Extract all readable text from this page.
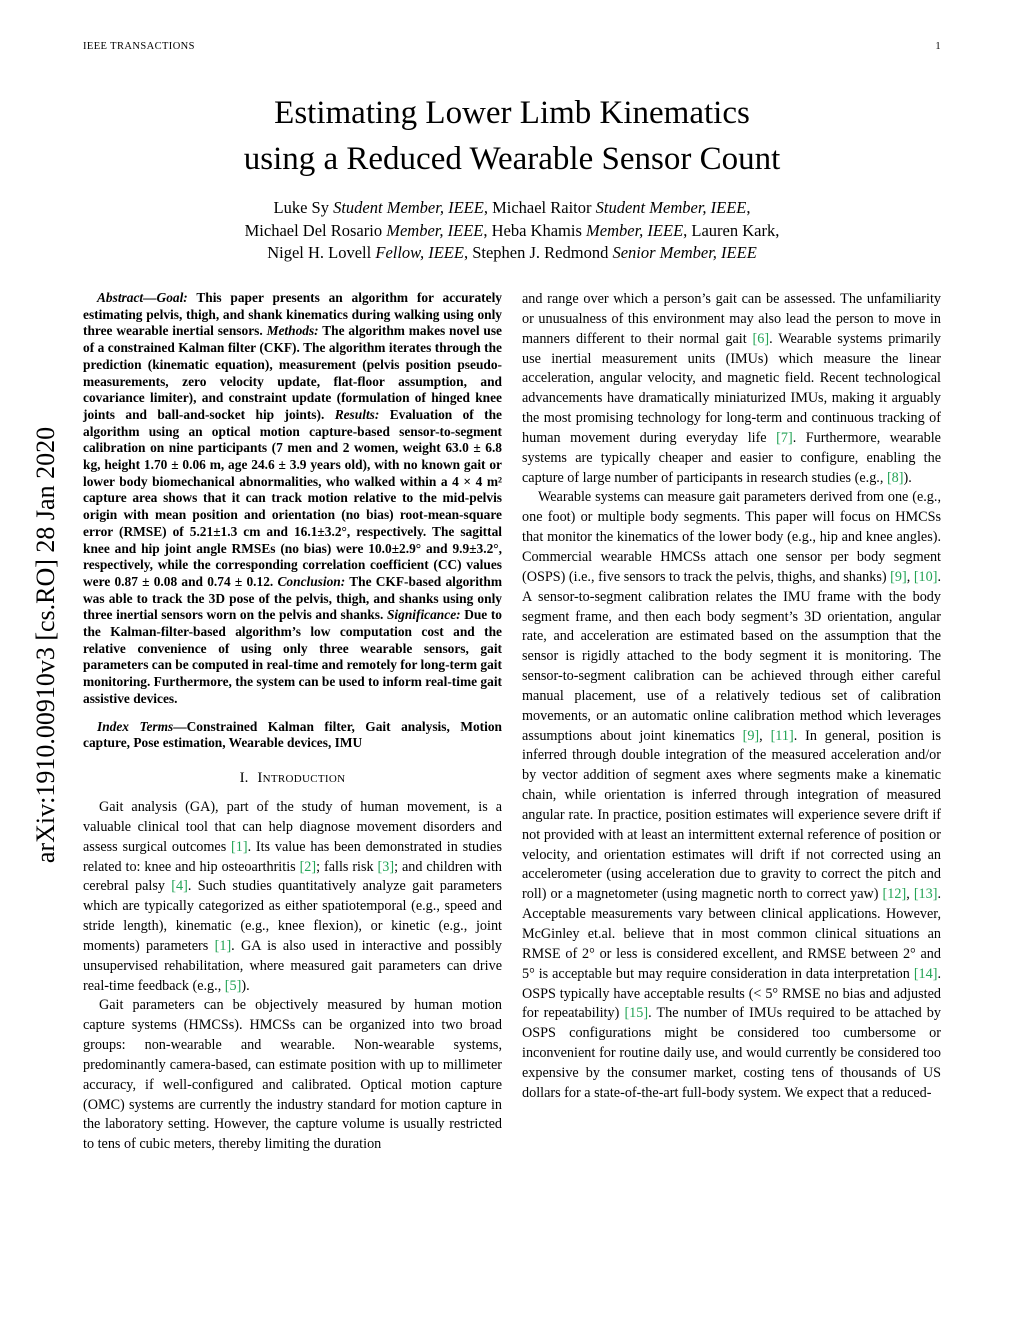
IEEE TRANSACTIONS	1
arXiv:1910.00910v3 [cs.RO] 28 Jan 2020
Estimating Lower Limb Kinematics
using a Reduced Wearable Sensor Count
Luke Sy Student Member, IEEE, Michael Raitor Student Member, IEEE,
Michael Del Rosario Member, IEEE, Heba Khamis Member, IEEE, Lauren Kark,
Nigel H. Lovell Fellow, IEEE, Stephen J. Redmond Senior Member, IEEE

Abstract—Goal: This paper presents an algorithm for accurately estimating pelvis, thigh, and shank kinematics during walking using only three wearable inertial sensors. Methods: The algorithm makes novel use of a constrained Kalman filter (CKF). The algorithm iterates through the prediction (kinematic equation), measurement (pelvis position pseudo-measurements, zero velocity update, flat-floor assumption, and covariance limiter), and constraint update (formulation of hinged knee joints and ball-and-socket hip joints). Results: Evaluation of the algorithm using an optical motion capture-based sensor-to-segment calibration on nine participants (7 men and 2 women, weight 63.0 ± 6.8 kg, height 1.70 ± 0.06 m, age 24.6 ± 3.9 years old), with no known gait or lower body biomechanical abnormalities, who walked within a 4 × 4 m² capture area shows that it can track motion relative to the mid-pelvis origin with mean position and orientation (no bias) root-mean-square error (RMSE) of 5.21±1.3 cm and 16.1±3.2°, respectively. The sagittal knee and hip joint angle RMSEs (no bias) were 10.0±2.9° and 9.9±3.2°, respectively, while the corresponding correlation coefficient (CC) values were 0.87 ± 0.08 and 0.74 ± 0.12. Conclusion: The CKF-based algorithm was able to track the 3D pose of the pelvis, thigh, and shanks using only three inertial sensors worn on the pelvis and shanks. Significance: Due to the Kalman-filter-based algorithm’s low computation cost and the relative convenience of using only three wearable sensors, gait parameters can be computed in real-time and remotely for long-term gait monitoring. Furthermore, the system can be used to inform real-time gait assistive devices.

Index Terms—Constrained Kalman filter, Gait analysis, Motion capture, Pose estimation, Wearable devices, IMU

I. Introduction

Gait analysis (GA), part of the study of human movement, is a valuable clinical tool that can help diagnose movement disorders and assess surgical outcomes [1]. Its value has been demonstrated in studies related to: knee and hip osteoarthritis [2]; falls risk [3]; and children with cerebral palsy [4]. Such studies quantitatively analyze gait parameters which are typically categorized as either spatiotemporal (e.g., speed and stride length), kinematic (e.g., knee flexion), or kinetic (e.g., joint moments) parameters [1]. GA is also used in interactive and possibly unsupervised rehabilitation, where measured gait parameters can drive real-time feedback (e.g., [5]).

Gait parameters can be objectively measured by human motion capture systems (HMCSs). HMCSs can be organized into two broad groups: non-wearable and wearable. Non-wearable systems, predominantly camera-based, can estimate position with up to millimeter accuracy, if well-configured and calibrated. Optical motion capture (OMC) systems are currently the industry standard for motion capture in the laboratory setting. However, the capture volume is usually restricted to tens of cubic meters, thereby limiting the duration

and range over which a person’s gait can be assessed. The unfamiliarity or unusualness of this environment may also lead the person to move in manners different to their normal gait [6]. Wearable systems primarily use inertial measurement units (IMUs) which measure the linear acceleration, angular velocity, and magnetic field. Recent technological advancements have dramatically miniaturized IMUs, making it arguably the most promising technology for long-term and continuous tracking of human movement during everyday life [7]. Furthermore, wearable systems are typically cheaper and easier to configure, enabling the capture of large number of participants in research studies (e.g., [8]).

Wearable systems can measure gait parameters derived from one (e.g., one foot) or multiple body segments. This paper will focus on HMCSs that monitor the kinematics of the lower body (e.g., hip and knee angles). Commercial wearable HMCSs attach one sensor per body segment (OSPS) (i.e., five sensors to track the pelvis, thighs, and shanks) [9], [10]. A sensor-to-segment calibration relates the IMU frame with the body segment frame, and then each body segment’s 3D orientation, angular rate, and acceleration are estimated based on the assumption that the sensor is rigidly attached to the body segment it is monitoring. The sensor-to-segment calibration can be achieved through either careful manual placement, use of a relatively tedious set of calibration movements, or an automatic online calibration method which leverages assumptions about joint kinematics [9], [11]. In general, position is inferred through double integration of the measured acceleration and/or by vector addition of segment axes where segments make a kinematic chain, while orientation is inferred through integration of measured angular rate. In practice, position estimates will experience severe drift if not provided with at least an intermittent external reference of position or velocity, and orientation estimates will drift if not corrected using an accelerometer (using acceleration due to gravity to correct the pitch and roll) or a magnetometer (using magnetic north to correct yaw) [12], [13]. Acceptable measurements vary between clinical applications. However, McGinley et.al. believe that in most common clinical situations an RMSE of 2° or less is considered excellent, and RMSE between 2° and 5° is acceptable but may require consideration in data interpretation [14]. OSPS typically have acceptable results (< 5° RMSE no bias and adjusted for repeatability) [15]. The number of IMUs required to be attached by OSPS configurations might be considered too cumbersome or inconvenient for routine daily use, and would currently be considered too expensive by the consumer market, costing tens of thousands of US dollars for a state-of-the-art full-body system. We expect that a reduced-
